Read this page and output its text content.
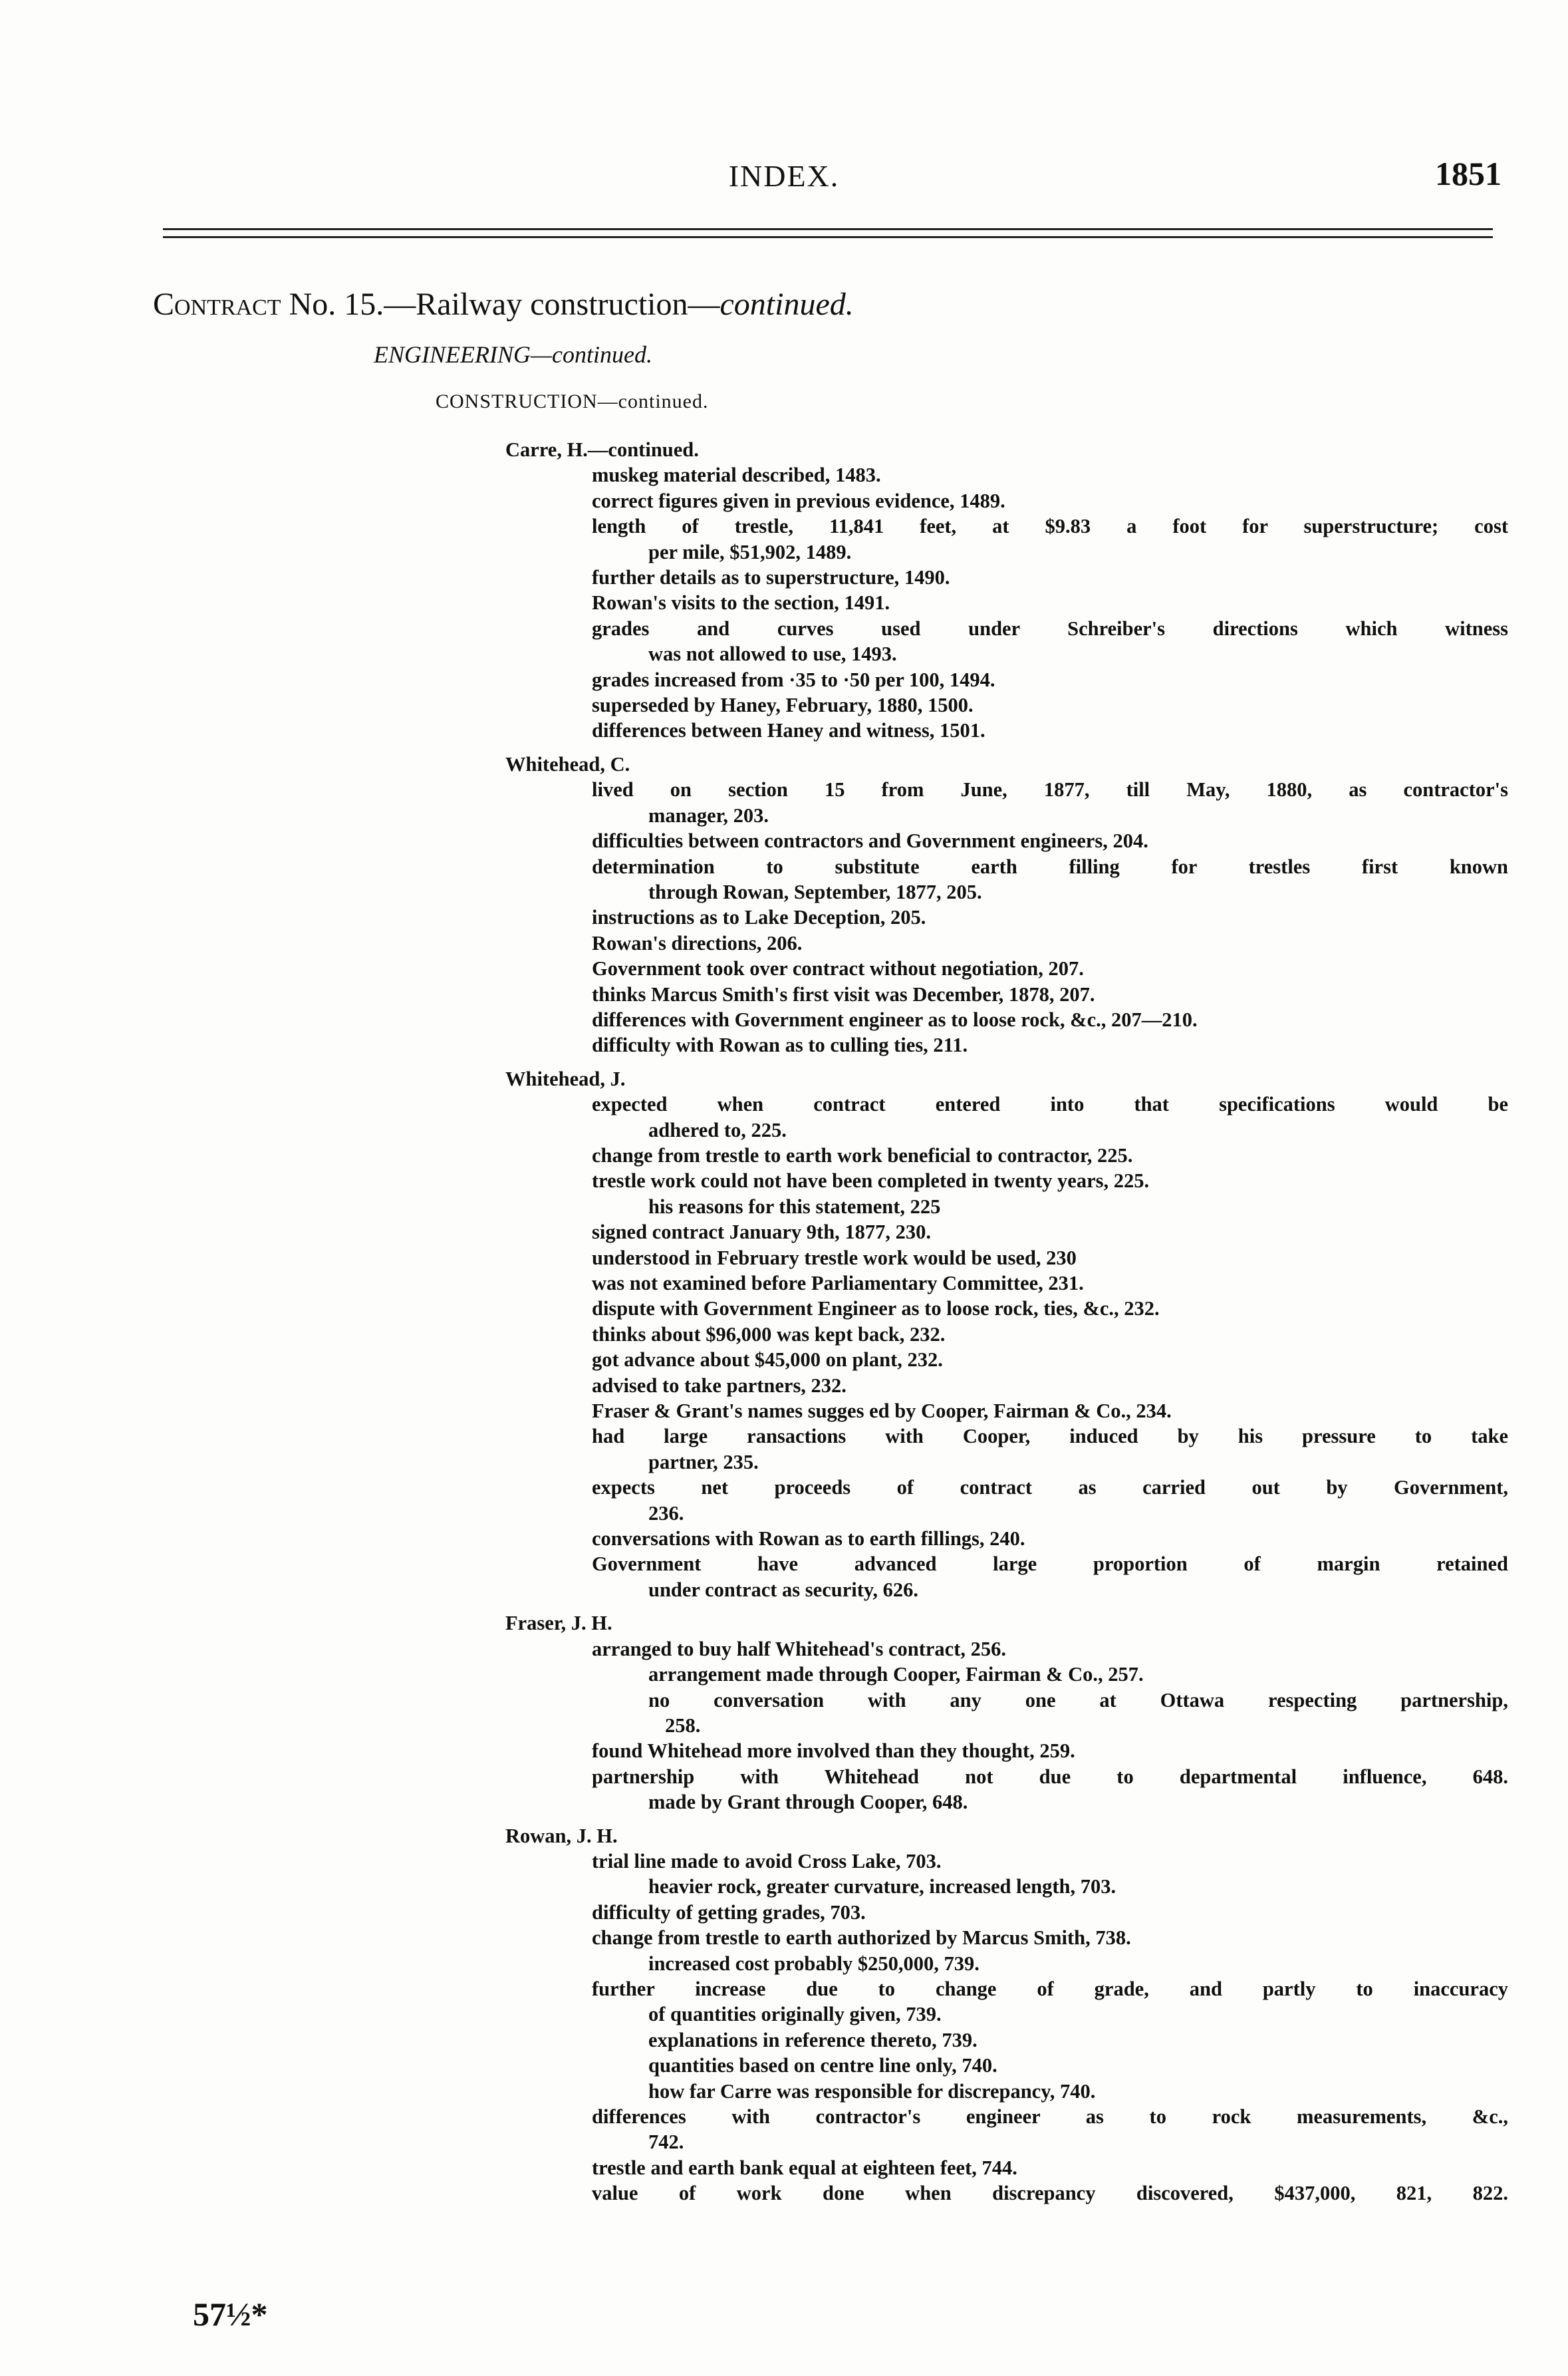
INDEX.	1851
Contract No. 15.—Railway construction—continued.
ENGINEERING—continued.
CONSTRUCTION—continued.
Carre, H.—continued.
muskeg material described, 1483.
correct figures given in previous evidence, 1489.
length of trestle, 11,841 feet, at $9.83 a foot for superstructure; cost
per mile, $51,902, 1489.
further details as to superstructure, 1490.
Rowan's visits to the section, 1491.
grades and curves used under Schreiber's directions which witness
was not allowed to use, 1493.
grades increased from ·35 to ·50 per 100, 1494.
superseded by Haney, February, 1880, 1500.
differences between Haney and witness, 1501.
Whitehead, C.
lived on section 15 from June, 1877, till May, 1880, as contractor's
manager, 203.
difficulties between contractors and Government engineers, 204.
determination to substitute earth filling for trestles first known
through Rowan, September, 1877, 205.
instructions as to Lake Deception, 205.
Rowan's directions, 206.
Government took over contract without negotiation, 207.
thinks Marcus Smith's first visit was December, 1878, 207.
differences with Government engineer as to loose rock, &c., 207—210.
difficulty with Rowan as to culling ties, 211.
Whitehead, J.
expected when contract entered into that specifications would be
adhered to, 225.
change from trestle to earth work beneficial to contractor, 225.
trestle work could not have been completed in twenty years, 225.
his reasons for this statement, 225
signed contract January 9th, 1877, 230.
understood in February trestle work would be used, 230
was not examined before Parliamentary Committee, 231.
dispute with Government Engineer as to loose rock, ties, &c., 232.
thinks about $96,000 was kept back, 232.
got advance about $45,000 on plant, 232.
advised to take partners, 232.
Fraser & Grant's names sugges ed by Cooper, Fairman & Co., 234.
had large ransactions with Cooper, induced by his pressure to take
partner, 235.
expects net proceeds of contract as carried out by Government,
236.
conversations with Rowan as to earth fillings, 240.
Government have advanced large proportion of margin retained
under contract as security, 626.
Fraser, J. H.
arranged to buy half Whitehead's contract, 256.
arrangement made through Cooper, Fairman & Co., 257.
no conversation with any one at Ottawa respecting partnership,
258.
found Whitehead more involved than they thought, 259.
partnership with Whitehead not due to departmental influence, 648.
made by Grant through Cooper, 648.
Rowan, J. H.
trial line made to avoid Cross Lake, 703.
heavier rock, greater curvature, increased length, 703.
difficulty of getting grades, 703.
change from trestle to earth authorized by Marcus Smith, 738.
increased cost probably $250,000, 739.
further increase due to change of grade, and partly to inaccuracy
of quantities originally given, 739.
explanations in reference thereto, 739.
quantities based on centre line only, 740.
how far Carre was responsible for discrepancy, 740.
differences with contractor's engineer as to rock measurements, &c.,
742.
trestle and earth bank equal at eighteen feet, 744.
value of work done when discrepancy discovered, $437,000, 821, 822.
57½*
